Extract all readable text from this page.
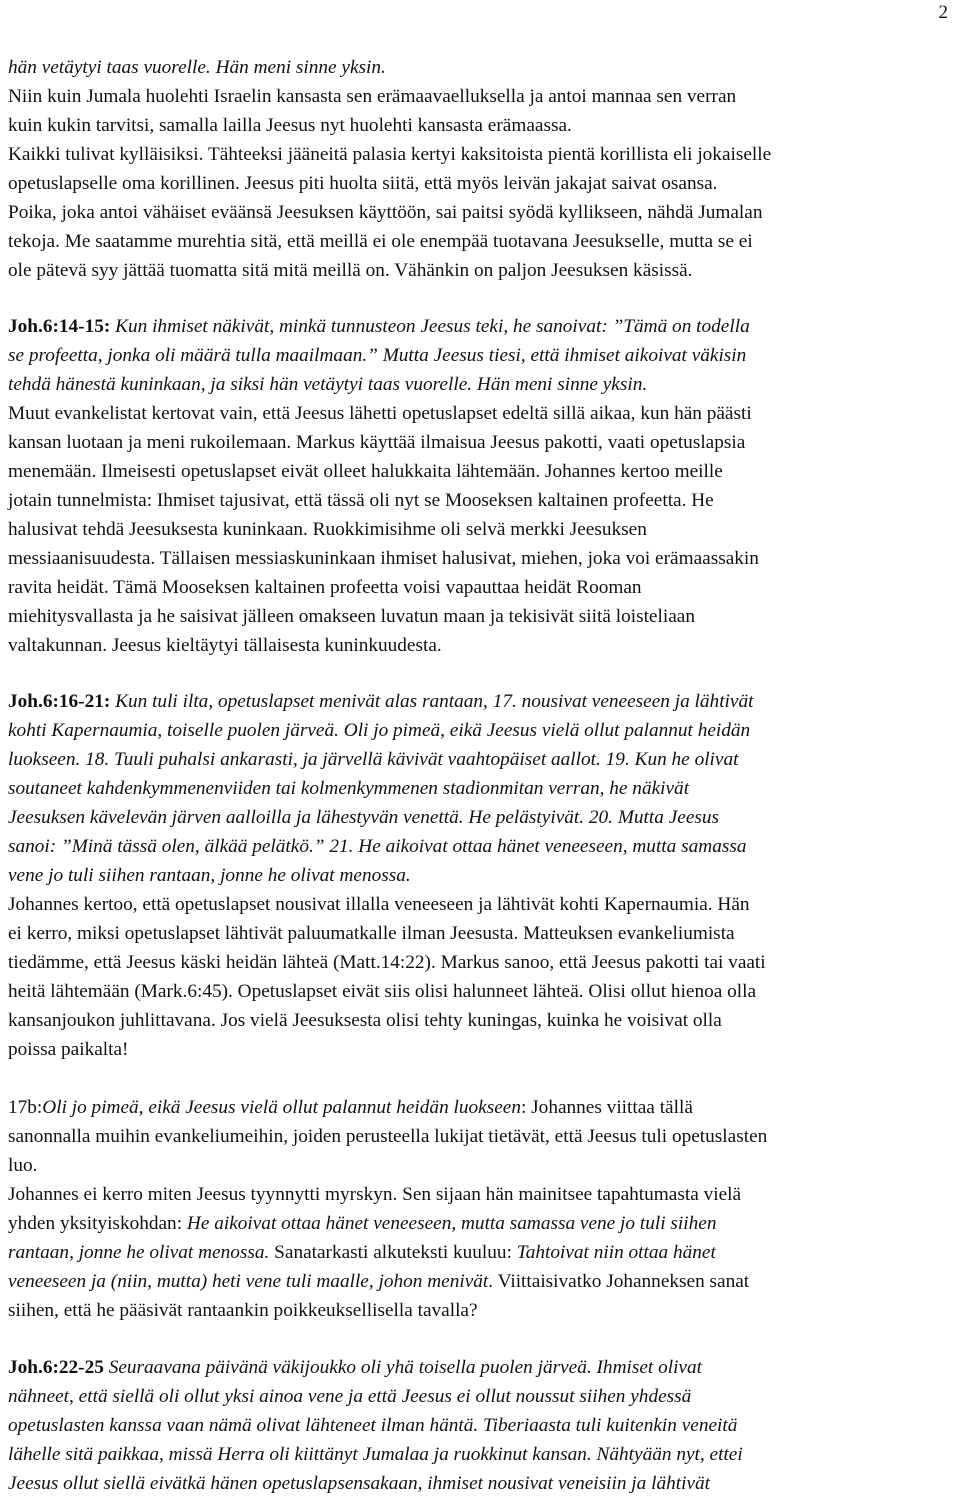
2
hän vetäytyi taas vuorelle. Hän meni sinne yksin.
Niin kuin Jumala huolehti Israelin kansasta sen erämaavaelluksella ja antoi mannaa sen verran
kuin kukin tarvitsi, samalla lailla Jeesus nyt huolehti kansasta erämaassa.
Kaikki tulivat kylläisiksi. Tähteeksi jääneitä palasia kertyi kaksitoista pientä korillista eli jokaiselle
opetuslapselle oma korillinen. Jeesus piti huolta siitä, että myös leivän jakajat saivat osansa.
Poika, joka antoi vähäiset eväänsä Jeesuksen käyttöön, sai paitsi syödä kyllikseen, nähdä Jumalan
tekoja. Me saatamme murehtia sitä, että meillä ei ole enempää tuotavana Jeesukselle, mutta se ei
ole pätevä syy jättää tuomatta sitä mitä meillä on. Vähänkin on paljon Jeesuksen käsissä.
Joh.6:14-15: Kun ihmiset näkivät, minkä tunnusteon Jeesus teki, he sanoivat: ”Tämä on todella
se profeetta, jonka oli määrä tulla maailmaan.” Mutta Jeesus tiesi, että ihmiset aikoivat väkisin
tehdä hänestä kuninkaan, ja siksi hän vetäytyi taas vuorelle. Hän meni sinne yksin.
Muut evankelistat kertovat vain, että Jeesus lähetti opetuslapset edeltä sillä aikaa, kun hän päästi
kansan luotaan ja meni rukoilemaan. Markus käyttää ilmaisua Jeesus pakotti, vaati opetuslapsia
menemään. Ilmeisesti opetuslapset eivät olleet halukkaita lähtemään. Johannes kertoo meille
jotain tunnelmista: Ihmiset tajusivat, että tässä oli nyt se Mooseksen kaltainen profeetta. He
halusivat tehdä Jeesuksesta kuninkaan. Ruokkimisihme oli selvä merkki Jeesuksen
messiaanisuudesta. Tällaisen messiaskuninkaan ihmiset halusivat, miehen, joka voi erämaassakin
ravita heidät. Tämä Mooseksen kaltainen profeetta voisi vapauttaa heidät Rooman
miehitysvallasta ja he saisivat jälleen omakseen luvatun maan ja tekisivät siitä loisteliaan
valtakunnan. Jeesus kieltäytyi tällaisesta kuninkuudesta.
Joh.6:16-21: Kun tuli ilta, opetuslapset menivät alas rantaan, 17. nousivat veneeseen ja lähtivät
kohti Kapernaumia, toiselle puolen järveä. Oli jo pimeä, eikä Jeesus vielä ollut palannut heidän
luokseen. 18. Tuuli puhalsi ankarasti, ja järvellä kävivät vaahtopäiset aallot. 19. Kun he olivat
soutaneet kahdenkymmenenviiden tai kolmenkymmenen stadionmitan verran, he näkivät
Jeesuksen kävelevän järven aalloilla ja lähestyvän venettä. He pelästyivät. 20. Mutta Jeesus
sanoi: ”Minä tässä olen, älkää pelätkö.” 21. He aikoivat ottaa hänet veneeseen, mutta samassa
vene jo tuli siihen rantaan, jonne he olivat menossa.
Johannes kertoo, että opetuslapset nousivat illalla veneeseen ja lähtivät kohti Kapernaumia. Hän
ei kerro, miksi opetuslapset lähtivät paluumatkalle ilman Jeesusta. Matteuksen evankeliumista
tiedämme, että Jeesus käski heidän lähteä (Matt.14:22). Markus sanoo, että Jeesus pakotti tai vaati
heitä lähtemään (Mark.6:45). Opetuslapset eivät siis olisi halunneet lähteä. Olisi ollut hienoa olla
kansanjoukon juhlittavana. Jos vielä Jeesuksesta olisi tehty kuningas, kuinka he voisivat olla
poissa paikalta!
17b:Oli jo pimeä, eikä Jeesus vielä ollut palannut heidän luokseen: Johannes viittaa tällä
sanonnalla muihin evankeliumeihin, joiden perusteella lukijat tietävät, että Jeesus tuli opetuslasten
luo.
Johannes ei kerro miten Jeesus tyynnytti myrskyn. Sen sijaan hän mainitsee tapahtumasta vielä
yhden yksityiskohdan: He aikoivat ottaa hänet veneeseen, mutta samassa vene jo tuli siihen
rantaan, jonne he olivat menossa. Sanatarkasti alkuteksti kuuluu: Tahtoivat niin ottaa hänet
veneeseen ja (niin, mutta) heti vene tuli maalle, johon menivät. Viittaisivatko Johanneksen sanat
siihen, että he pääsivät rantaankin poikkeuksellisella tavalla?
Joh.6:22-25 Seuraavana päivänä väkijoukko oli yhä toisella puolen järveä. Ihmiset olivat
nähneet, että siellä oli ollut yksi ainoa vene ja että Jeesus ei ollut noussut siihen yhdessä
opetuslasten kanssa vaan nämä olivat lähteneet ilman häntä. Tiberiaasta tuli kuitenkin veneitä
lähelle sitä paikkaa, missä Herra oli kiittänyt Jumalaa ja ruokkinut kansan. Nähtyään nyt, ettei
Jeesus ollut siellä eivätkä hänen opetuslapsensakaan, ihmiset nousivat veneisiin ja lähtivät
